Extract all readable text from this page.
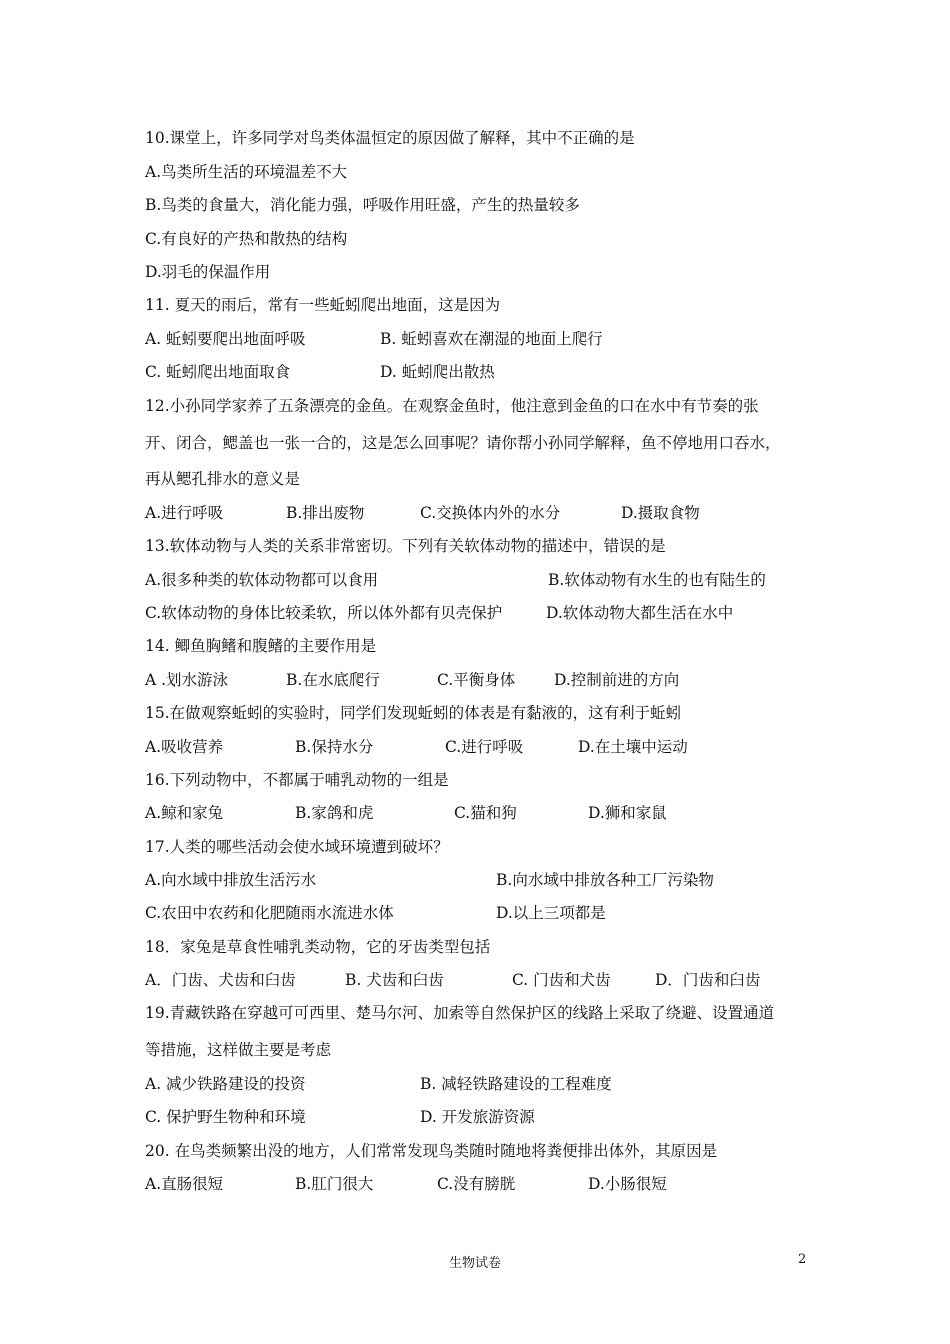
10.课堂上，许多同学对鸟类体温恒定的原因做了解释，其中不正确的是
A.鸟类所生活的环境温差不大
B.鸟类的食量大，消化能力强，呼吸作用旺盛，产生的热量较多
C.有良好的产热和散热的结构
D.羽毛的保温作用
11. 夏天的雨后，常有一些蚯蚓爬出地面，这是因为
A. 蚯蚓要爬出地面呼吸	B. 蚯蚓喜欢在潮湿的地面上爬行
C. 蚯蚓爬出地面取食	D. 蚯蚓爬出散热
12.小孙同学家养了五条漂亮的金鱼。在观察金鱼时，他注意到金鱼的口在水中有节奏的张
开、闭合，鳃盖也一张一合的，这是怎么回事呢？请你帮小孙同学解释，鱼不停地用口吞水，
再从鳃孔排水的意义是
A.进行呼吸	B.排出废物	C.交换体内外的水分	D.摄取食物
13.软体动物与人类的关系非常密切。下列有关软体动物的描述中，错误的是
A.很多种类的软体动物都可以食用	B.软体动物有水生的也有陆生的
C.软体动物的身体比较柔软，所以体外都有贝壳保护	D.软体动物大都生活在水中
14. 鲫鱼胸鳍和腹鳍的主要作用是
A .划水游泳	B.在水底爬行	C.平衡身体	D.控制前进的方向
15.在做观察蚯蚓的实验时，同学们发现蚯蚓的体表是有黏液的，这有利于蚯蚓
A.吸收营养	B.保持水分	C.进行呼吸	D.在土壤中运动
16.下列动物中，不都属于哺乳动物的一组是
A.鲸和家兔	B.家鸽和虎	C.猫和狗	D.狮和家鼠
17.人类的哪些活动会使水域环境遭到破坏？
A.向水域中排放生活污水	B.向水域中排放各种工厂污染物
C.农田中农药和化肥随雨水流进水体	D.以上三项都是
18．家兔是草食性哺乳类动物，它的牙齿类型包括
A．门齿、犬齿和臼齿	B. 犬齿和臼齿	C. 门齿和犬齿	D．门齿和臼齿
19.青藏铁路在穿越可可西里、楚马尔河、加索等自然保护区的线路上采取了绕避、设置通道
等措施，这样做主要是考虑
A. 减少铁路建设的投资	B. 减轻铁路建设的工程难度
C. 保护野生物种和环境	D. 开发旅游资源
20. 在鸟类频繁出没的地方，人们常常发现鸟类随时随地将粪便排出体外，其原因是
A.直肠很短	B.肛门很大	C.没有膀胱	D.小肠很短
生物试卷	2
